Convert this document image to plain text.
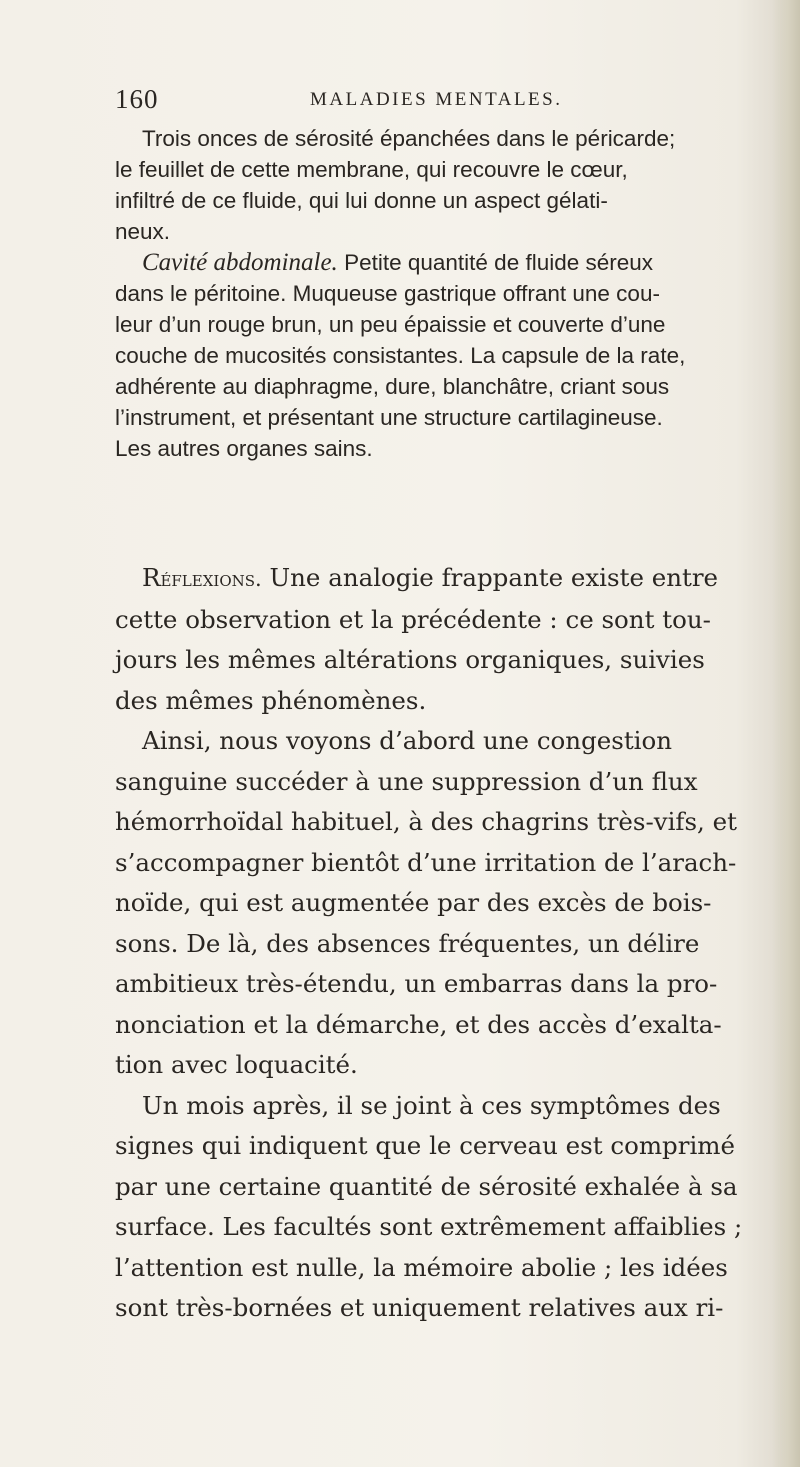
160	MALADIES MENTALES.
Trois onces de sérosité épanchées dans le péricarde;
le feuillet de cette membrane, qui recouvre le cœur,
infiltré de ce fluide, qui lui donne un aspect gélati-
neux.
Cavité abdominale. Petite quantité de fluide séreux
dans le péritoine. Muqueuse gastrique offrant une cou-
leur d’un rouge brun, un peu épaissie et couverte d’une
couche de mucosités consistantes. La capsule de la rate,
adhérente au diaphragme, dure, blanchâtre, criant sous
l’instrument, et présentant une structure cartilagineuse.
Les autres organes sains.
Réflexions. Une analogie frappante existe entre
cette observation et la précédente : ce sont tou-
jours les mêmes altérations organiques, suivies
des mêmes phénomènes.
Ainsi, nous voyons d’abord une congestion
sanguine succéder à une suppression d’un flux
hémorrhoïdal habituel, à des chagrins très-vifs, et
s’accompagner bientôt d’une irritation de l’arach-
noïde, qui est augmentée par des excès de bois-
sons. De là, des absences fréquentes, un délire
ambitieux très-étendu, un embarras dans la pro-
nonciation et la démarche, et des accès d’exalta-
tion avec loquacité.
Un mois après, il se joint à ces symptômes des
signes qui indiquent que le cerveau est comprimé
par une certaine quantité de sérosité exhalée à sa
surface. Les facultés sont extrêmement affaiblies ;
l’attention est nulle, la mémoire abolie ; les idées
sont très-bornées et uniquement relatives aux ri-
